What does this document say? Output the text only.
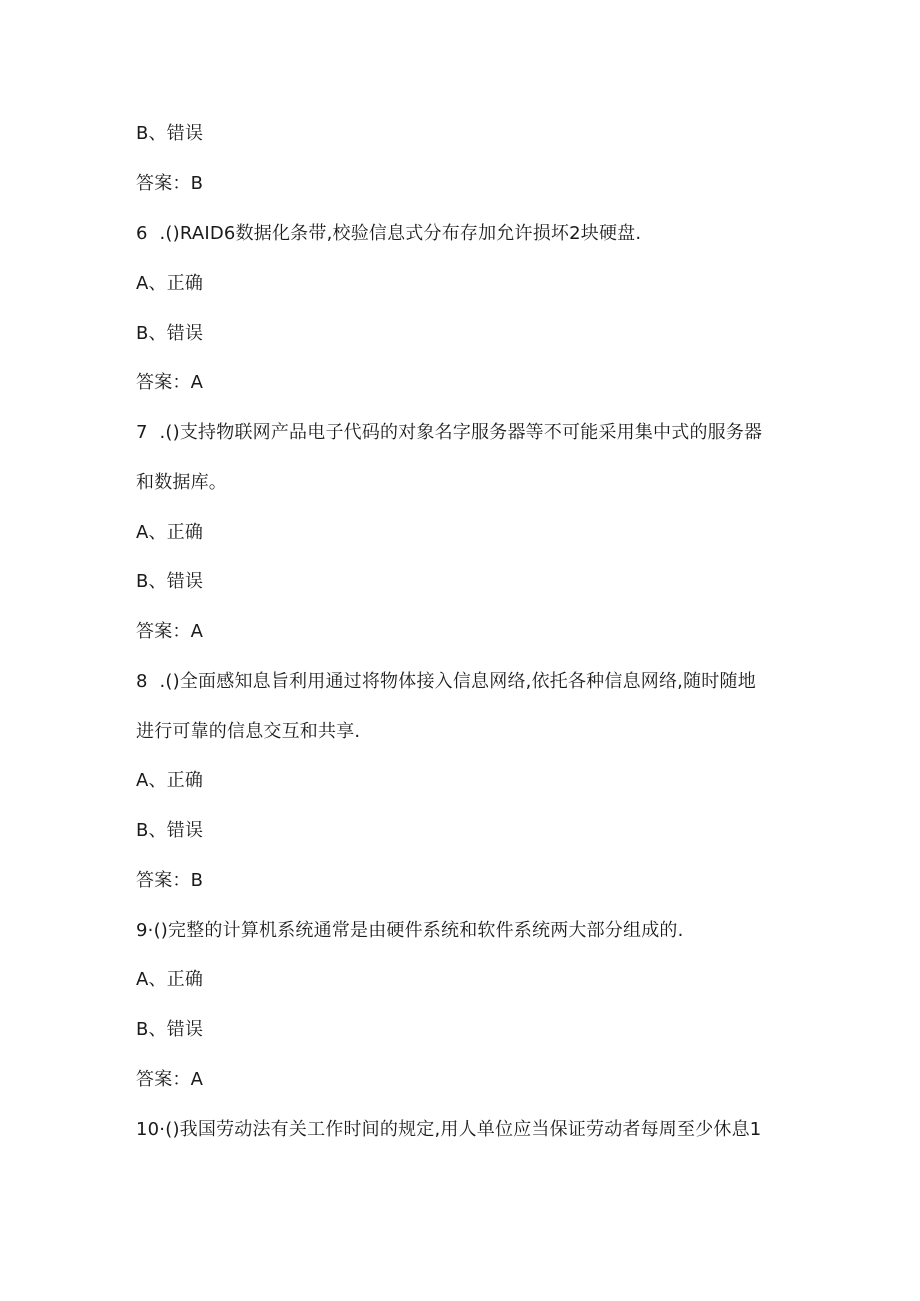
B、错误
答案：B
6  .()RAID6数据化条带,校验信息式分布存加允许损坏2块硬盘.
A、正确
B、错误
答案：A
7  .()支持物联网产品电子代码的对象名字服务器等不可能采用集中式的服务器
和数据库。
A、正确
B、错误
答案：A
8  .()全面感知息旨利用通过将物体接入信息网络,依托各种信息网络,随时随地
进行可靠的信息交互和共享.
A、正确
B、错误
答案：B
9·()完整的计算机系统通常是由硬件系统和软件系统两大部分组成的.
A、正确
B、错误
答案：A
10·()我国劳动法有关工作时间的规定,用人单位应当保证劳动者每周至少休息1
